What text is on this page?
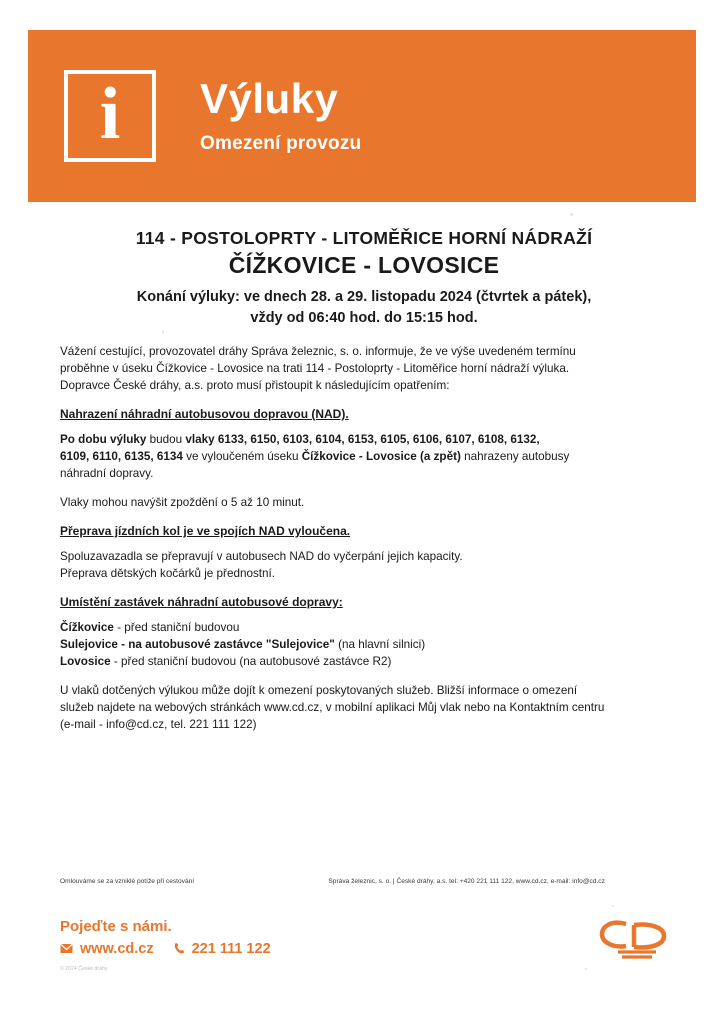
i Výluky
Omezení provozu
114 - POSTOLOPRTY - LITOMĚŘICE HORNÍ NÁDRAŽÍ
ČÍŽKOVICE - LOVOSICE
Konání výluky: ve dnech 28. a 29. listopadu 2024 (čtvrtek a pátek),
vždy od 06:40 hod. do 15:15 hod.

Vážení cestující, provozovatel dráhy Správa železnic, s. o. informuje, že ve výše uvedeném termínu
proběhne v úseku Čížkovice - Lovosice na trati 114 - Postoloprty - Litoměřice horní nádraží výluka.
Dopravce České dráhy, a.s. proto musí přistoupit k následujícím opatřením:

Nahrazení náhradní autobusovou dopravou (NAD).

Po dobu výluky budou vlaky 6133, 6150, 6103, 6104, 6153, 6105, 6106, 6107, 6108, 6132,
6109, 6110, 6135, 6134 ve vyloučeném úseku Čížkovice - Lovosice (a zpět) nahrazeny autobusy
náhradní dopravy.

Vlaky mohou navýšit zpoždění o 5 až 10 minut.

Přeprava jízdních kol je ve spojích NAD vyloučena.

Spoluzavazadla se přepravují v autobusech NAD do vyčerpání jejich kapacity.
Přeprava dětských kočárků je přednostní.

Umístění zastávek náhradní autobusové dopravy:

Čížkovice - před staniční budovou
Sulejovice - na autobusové zastávce "Sulejovice" (na hlavní silnici)
Lovosice - před staniční budovou (na autobusové zastávce R2)

U vlaků dotčených výlukou může dojít k omezení poskytovaných služeb. Bližší informace o omezení
služeb najdete na webových stránkách www.cd.cz, v mobilní aplikaci Můj vlak nebo na Kontaktním centru
(e-mail - info@cd.cz, tel. 221 111 122)

Omlouváme se za vzniklé potíže při cestování	Správa železnic, s. o. | České dráhy, a.s. tel: +420 221 111 122, www.cd.cz, e-mail: info@cd.cz
Pojeďte s námi.
www.cd.cz	221 111 122
© 2024 České dráhy
